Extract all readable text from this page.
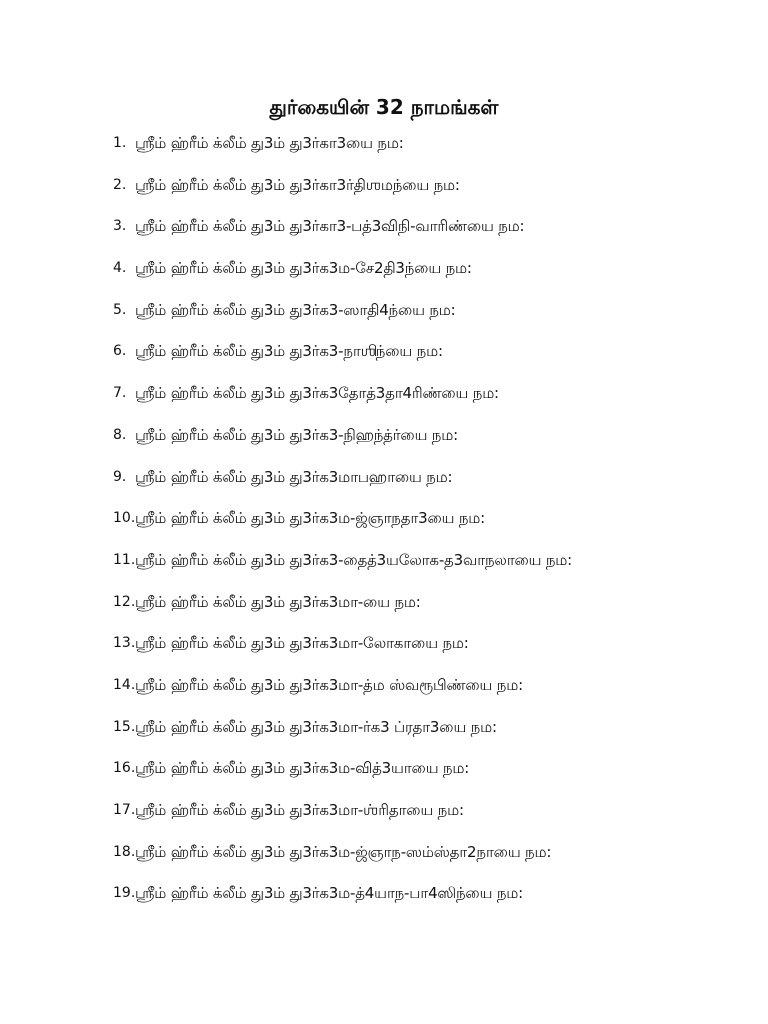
துர்கையின் 32 நாமங்கள்
1. ஸ்ரீம் ஹ்ரீம் க்லீம் து3ம் து3ர்கா3யை நம:
2. ஸ்ரீம் ஹ்ரீம் க்லீம் து3ம் து3ர்கா3ர்திஶமந்யை நம:
3. ஸ்ரீம் ஹ்ரீம் க்லீம் து3ம் து3ர்கா3-பத்3விநி-வாரிண்யை நம:
4. ஸ்ரீம் ஹ்ரீம் க்லீம் து3ம் து3ர்க3ம-சே2தி3ந்யை நம:
5. ஸ்ரீம் ஹ்ரீம் க்லீம் து3ம் து3ர்க3-ஸாதி4ந்யை நம:
6. ஸ்ரீம் ஹ்ரீம் க்லீம் து3ம் து3ர்க3-நாஶிந்யை நம:
7. ஸ்ரீம் ஹ்ரீம் க்லீம் து3ம் து3ர்க3தோத்3தா4ரிண்யை நம:
8. ஸ்ரீம் ஹ்ரீம் க்லீம் து3ம் து3ர்க3-நிஹந்த்ர்யை நம:
9. ஸ்ரீம் ஹ்ரீம் க்லீம் து3ம் து3ர்க3மாபஹாயை நம:
10. ஸ்ரீம் ஹ்ரீம் க்லீம் து3ம் து3ர்க3ம-ஜ்ஞாநதா3யை நம:
11. ஸ்ரீம் ஹ்ரீம் க்லீம் து3ம் து3ர்க3-தைத்3யலோக-த3வாநலாயை நம:
12. ஸ்ரீம் ஹ்ரீம் க்லீம் து3ம் து3ர்க3மா-யை நம:
13. ஸ்ரீம் ஹ்ரீம் க்லீம் து3ம் து3ர்க3மா-லோகாயை நம:
14. ஸ்ரீம் ஹ்ரீம் க்லீம் து3ம் து3ர்க3மா-த்ம ஸ்வரூபிண்யை நம:
15. ஸ்ரீம் ஹ்ரீம் க்லீம் து3ம் து3ர்க3மா-ர்க3 ப்ரதா3யை நம:
16. ஸ்ரீம் ஹ்ரீம் க்லீம் து3ம் து3ர்க3ம-வித்3யாயை நம:
17. ஸ்ரீம் ஹ்ரீம் க்லீம் து3ம் து3ர்க3மா-ஶ்ரிதாயை நம:
18. ஸ்ரீம் ஹ்ரீம் க்லீம் து3ம் து3ர்க3ம-ஜ்ஞாந-ஸம்ஸ்தா2நாயை நம:
19. ஸ்ரீம் ஹ்ரீம் க்லீம் து3ம் து3ர்க3ம-த்4யாந-பா4ஸிந்யை நம:
